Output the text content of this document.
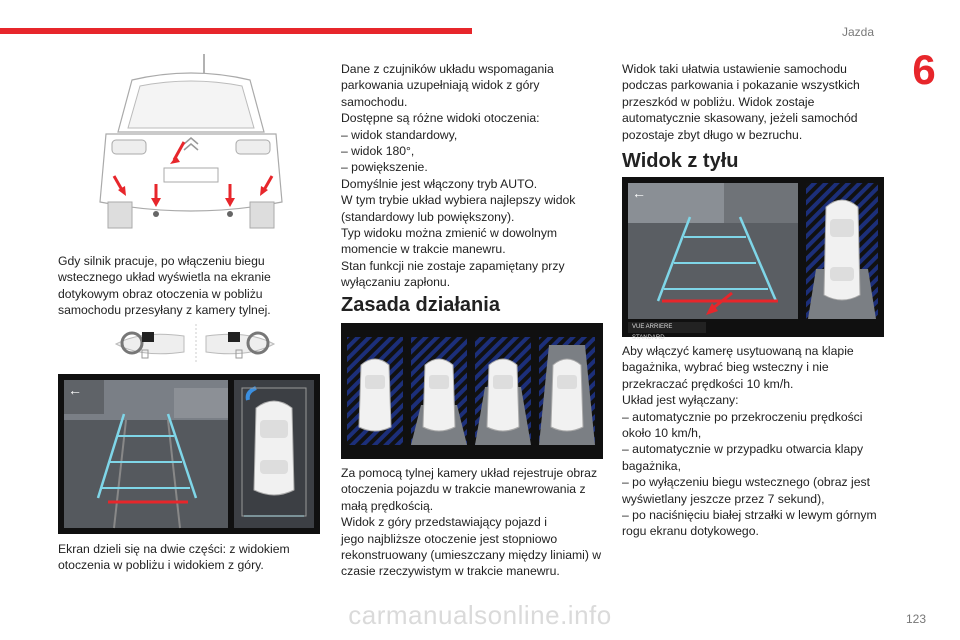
Jazda
6
Gdy silnik pracuje, po włączeniu biegu
wstecznego układ wyświetla na ekranie
dotykowym obraz otoczenia w pobliżu
samochodu przesyłany z kamery tylnej.
←
Ekran dzieli się na dwie części: z widokiem
otoczenia w pobliżu i widokiem z góry.
Dane z czujników układu wspomagania
parkowania uzupełniają widok z góry
samochodu.
Dostępne są różne widoki otoczenia:
– widok standardowy,
– widok 180°,
– powiększenie.
Domyślnie jest włączony tryb AUTO.
W tym trybie układ wybiera najlepszy widok
(standardowy lub powiększony).
Typ widoku można zmienić w dowolnym
momencie w trakcie manewru.
Stan funkcji nie zostaje zapamiętany przy
wyłączaniu zapłonu.
Zasada działania
Za pomocą tylnej kamery układ rejestruje obraz
otoczenia pojazdu w trakcie manewrowania z
małą prędkością.
Widok z góry przedstawiający pojazd i
jego najbliższe otoczenie jest stopniowo
rekonstruowany (umieszczany między liniami) w
czasie rzeczywistym w trakcie manewru.
Widok taki ułatwia ustawienie samochodu
podczas parkowania i pokazanie wszystkich
przeszkód w pobliżu. Widok zostaje
automatycznie skasowany, jeżeli samochód
pozostaje zbyt długo w bezruchu.
Widok z tyłu
←
VUE ARRIERE STANDARD
Aby włączyć kamerę usytuowaną na klapie
bagażnika, wybrać bieg wsteczny i nie
przekraczać prędkości 10 km/h.
Układ jest wyłączany:
– automatycznie po przekroczeniu prędkości
około 10 km/h,
– automatycznie w przypadku otwarcia klapy
bagażnika,
– po wyłączeniu biegu wstecznego (obraz jest
wyświetlany jeszcze przez 7 sekund),
– po naciśnięciu białej strzałki w lewym górnym
rogu ekranu dotykowego.
carmanualsonline.info	123
